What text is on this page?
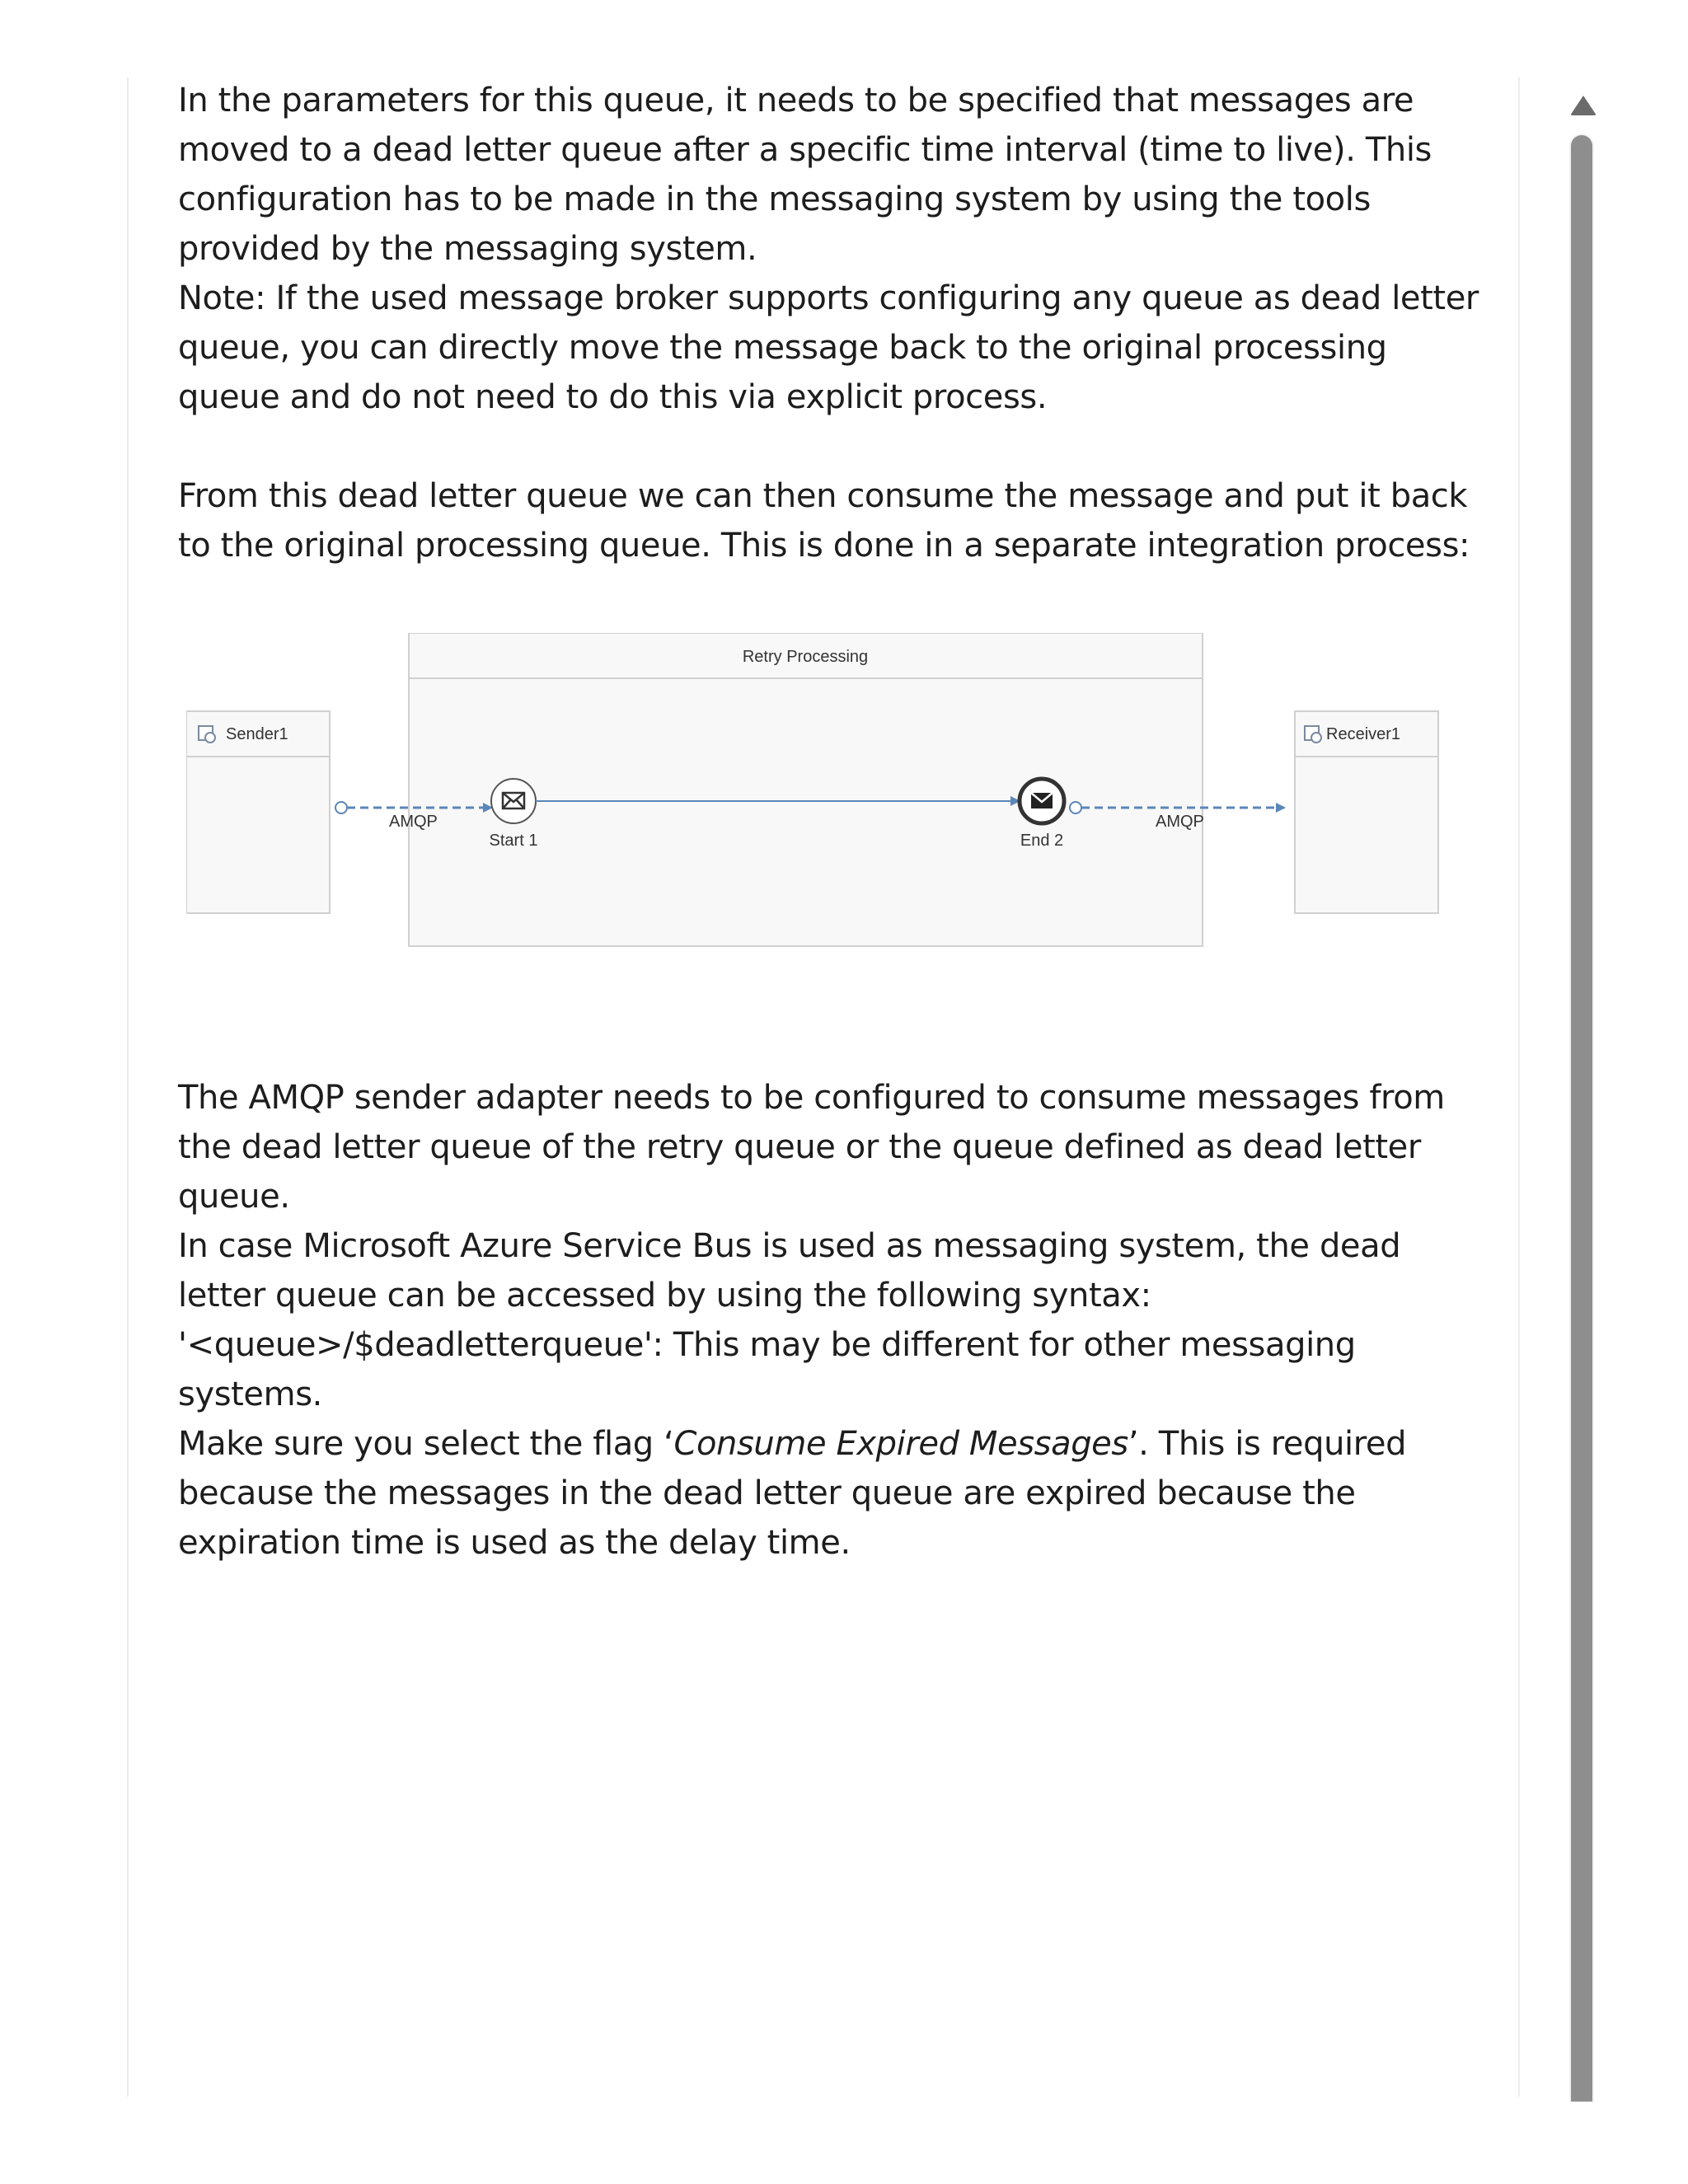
In the parameters for this queue, it needs to be specified that messages are moved to a dead letter queue after a specific time interval (time to live). This configuration has to be made in the messaging system by using the tools provided by the messaging system.

Note: If the used message broker supports configuring any queue as dead letter queue, you can directly move the message back to the original processing queue and do not need to do this via explicit process.

From this dead letter queue we can then consume the message and put it back to the original processing queue. This is done in a separate integration process:

The AMQP sender adapter needs to be configured to consume messages from the dead letter queue of the retry queue or the queue defined as dead letter queue.

In case Microsoft Azure Service Bus is used as messaging system, the dead letter queue can be accessed by using the following syntax: '<queue>/$deadletterqueue': This may be different for other messaging systems.

Make sure you select the flag ‘Consume Expired Messages’. This is required because the messages in the dead letter queue are expired because the expiration time is used as the delay time.

Retry Processing
Sender1	Receiver1
AMQP
Start 1	End 2
AMQP
